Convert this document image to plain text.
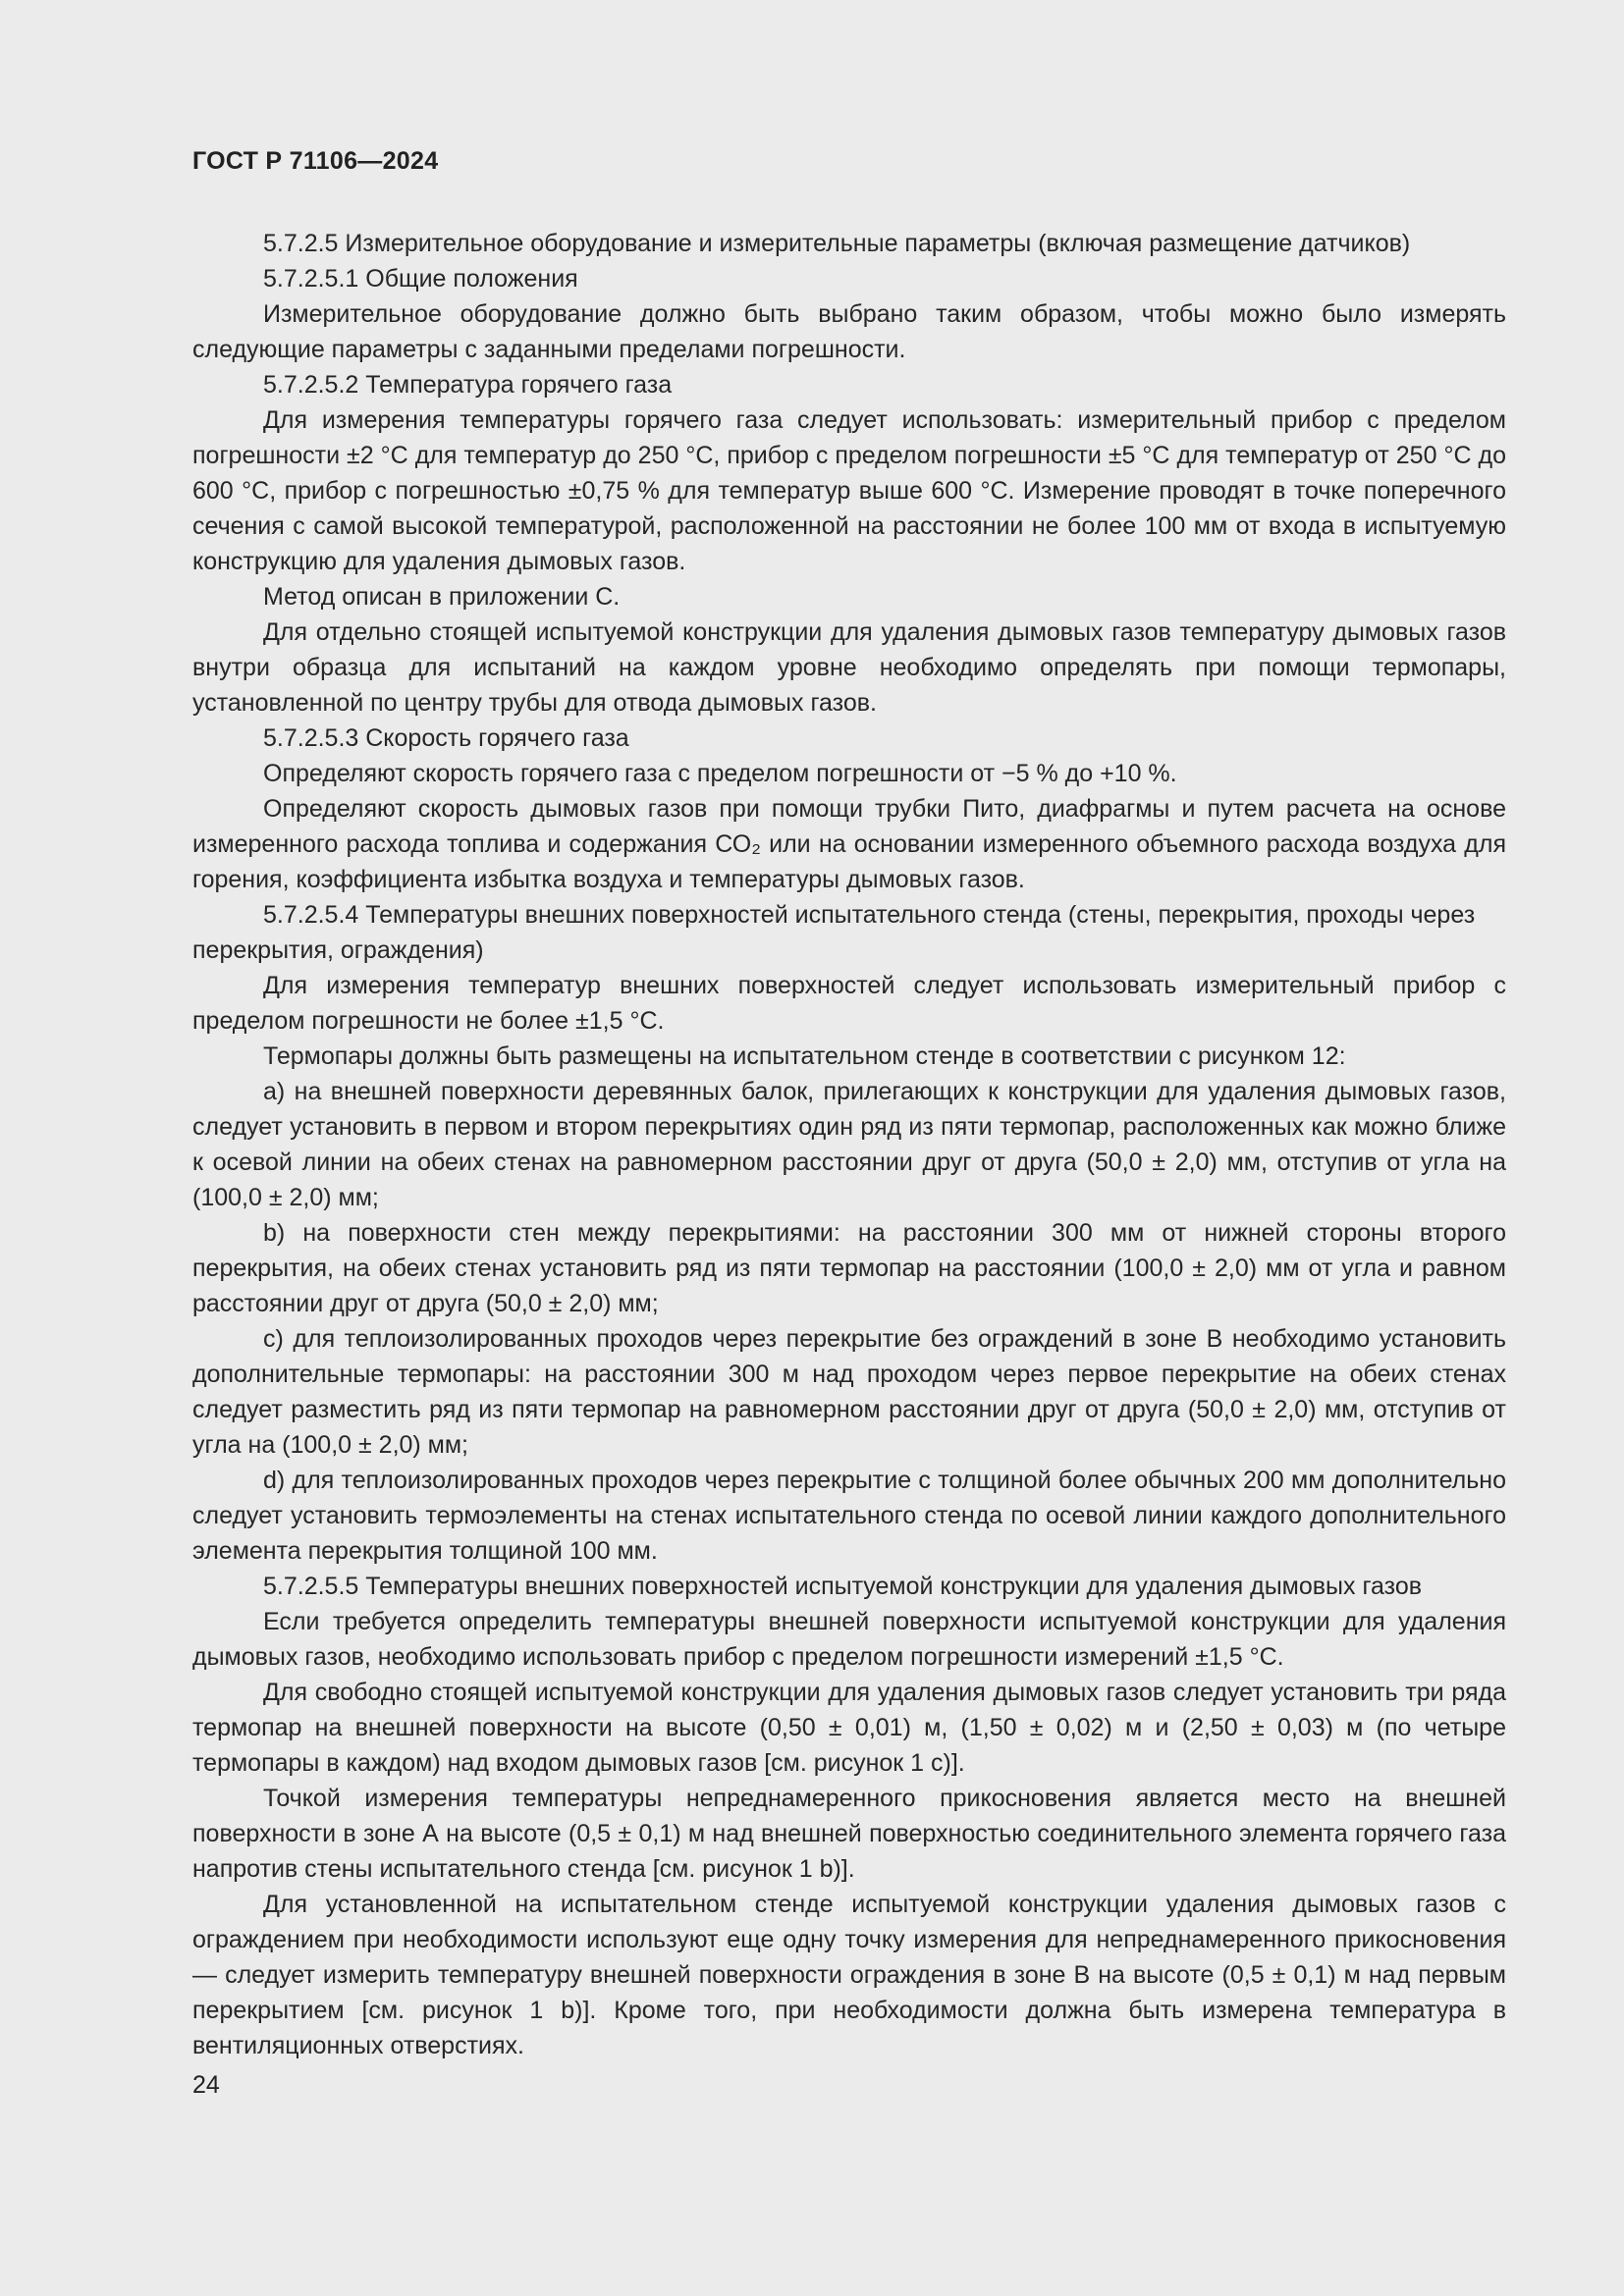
ГОСТ Р 71106—2024

5.7.2.5 Измерительное оборудование и измерительные параметры (включая размещение датчиков)

5.7.2.5.1 Общие положения

Измерительное оборудование должно быть выбрано таким образом, чтобы можно было измерять следующие параметры с заданными пределами погрешности.

5.7.2.5.2 Температура горячего газа

Для измерения температуры горячего газа следует использовать: измерительный прибор с пределом погрешности ±2 °С для температур до 250 °С, прибор с пределом погрешности ±5 °С для температур от 250 °С до 600 °С, прибор с погрешностью ±0,75 % для температур выше 600 °С. Измерение проводят в точке поперечного сечения с самой высокой температурой, расположенной на расстоянии не более 100 мм от входа в испытуемую конструкцию для удаления дымовых газов.

Метод описан в приложении С.

Для отдельно стоящей испытуемой конструкции для удаления дымовых газов температуру дымовых газов внутри образца для испытаний на каждом уровне необходимо определять при помощи термопары, установленной по центру трубы для отвода дымовых газов.

5.7.2.5.3 Скорость горячего газа

Определяют скорость горячего газа с пределом погрешности от −5 % до +10 %.

Определяют скорость дымовых газов при помощи трубки Пито, диафрагмы и путем расчета на основе измеренного расхода топлива и содержания СО₂ или на основании измеренного объемного расхода воздуха для горения, коэффициента избытка воздуха и температуры дымовых газов.

5.7.2.5.4 Температуры внешних поверхностей испытательного стенда (стены, перекрытия, проходы через перекрытия, ограждения)

Для измерения температур внешних поверхностей следует использовать измерительный прибор с пределом погрешности не более ±1,5 °С.

Термопары должны быть размещены на испытательном стенде в соответствии с рисунком 12:

a) на внешней поверхности деревянных балок, прилегающих к конструкции для удаления дымовых газов, следует установить в первом и втором перекрытиях один ряд из пяти термопар, расположенных как можно ближе к осевой линии на обеих стенах на равномерном расстоянии друг от друга (50,0 ± 2,0) мм, отступив от угла на (100,0 ± 2,0) мм;

b) на поверхности стен между перекрытиями: на расстоянии 300 мм от нижней стороны второго перекрытия, на обеих стенах установить ряд из пяти термопар на расстоянии (100,0 ± 2,0) мм от угла и равном расстоянии друг от друга (50,0 ± 2,0) мм;

c) для теплоизолированных проходов через перекрытие без ограждений в зоне В необходимо установить дополнительные термопары: на расстоянии 300 м над проходом через первое перекрытие на обеих стенах следует разместить ряд из пяти термопар на равномерном расстоянии друг от друга (50,0 ± 2,0) мм, отступив от угла на (100,0 ± 2,0) мм;

d) для теплоизолированных проходов через перекрытие с толщиной более обычных 200 мм дополнительно следует установить термоэлементы на стенах испытательного стенда по осевой линии каждого дополнительного элемента перекрытия толщиной 100 мм.

5.7.2.5.5 Температуры внешних поверхностей испытуемой конструкции для удаления дымовых газов

Если требуется определить температуры внешней поверхности испытуемой конструкции для удаления дымовых газов, необходимо использовать прибор с пределом погрешности измерений ±1,5 °С.

Для свободно стоящей испытуемой конструкции для удаления дымовых газов следует установить три ряда термопар на внешней поверхности на высоте (0,50 ± 0,01) м, (1,50 ± 0,02) м и (2,50 ± 0,03) м (по четыре термопары в каждом) над входом дымовых газов [см. рисунок 1 с)].

Точкой измерения температуры непреднамеренного прикосновения является место на внешней поверхности в зоне А на высоте (0,5 ± 0,1) м над внешней поверхностью соединительного элемента горячего газа напротив стены испытательного стенда [см. рисунок 1 b)].

Для установленной на испытательном стенде испытуемой конструкции удаления дымовых газов с ограждением при необходимости используют еще одну точку измерения для непреднамеренного прикосновения — следует измерить температуру внешней поверхности ограждения в зоне В на высоте (0,5 ± 0,1) м над первым перекрытием [см. рисунок 1 b)]. Кроме того, при необходимости должна быть измерена температура в вентиляционных отверстиях.

24
